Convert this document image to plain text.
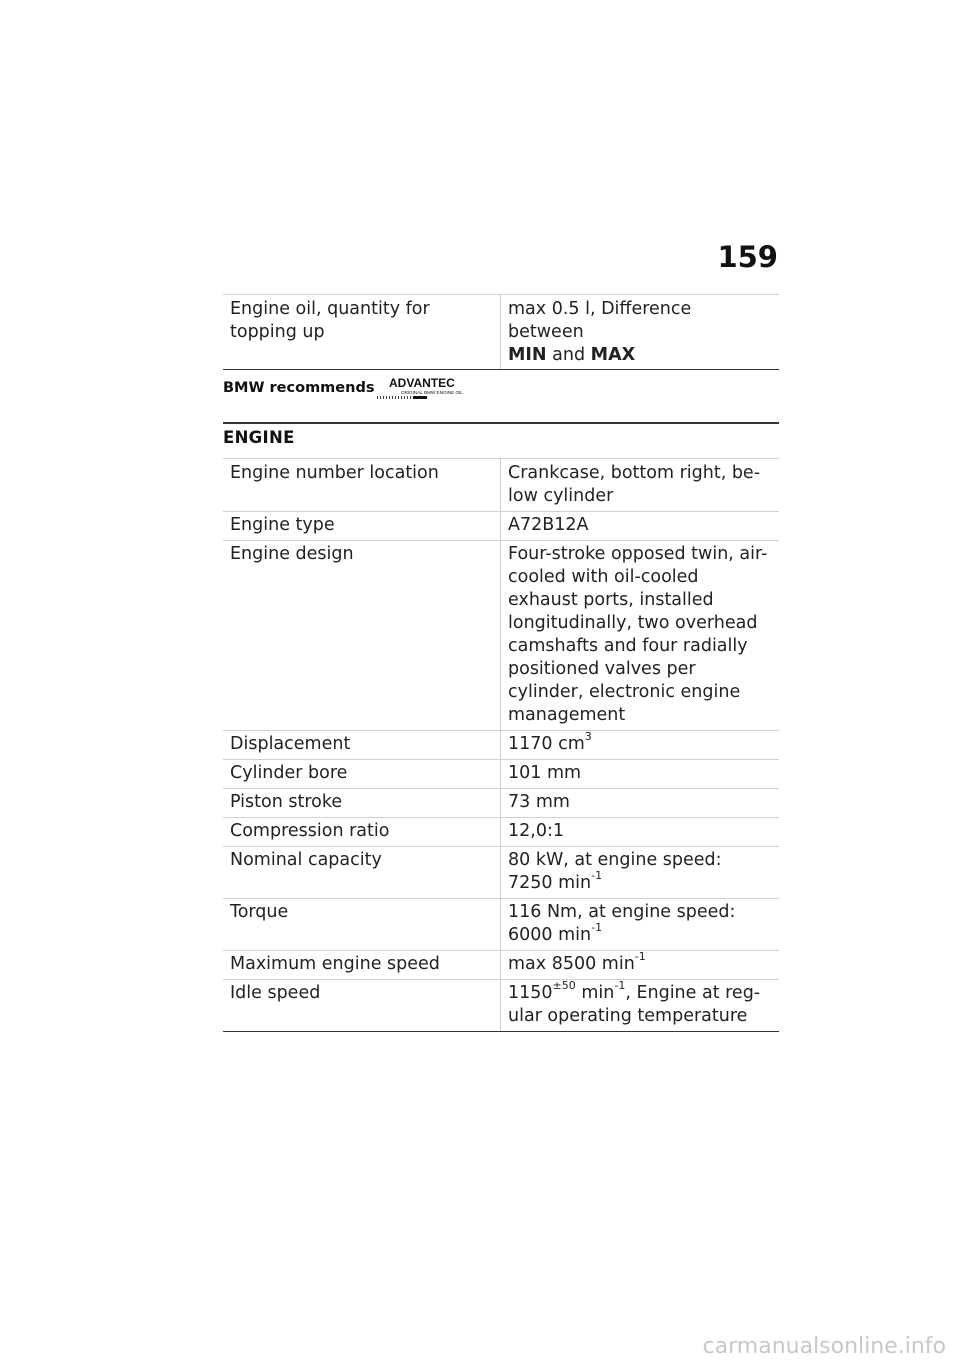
159
Engine oil, quantity for topping up	max 0.5 l, Difference between
MIN and MAX
BMW recommends ADVANTEC
ORIGINAL BMW ENGINE OIL
ENGINE
Engine number location	Crankcase, bottom right, be-low cylinder
Engine type	A72B12A
Engine design	Four-stroke opposed twin, air-cooled with oil-cooled exhaust ports, installed longitudinally, two overhead camshafts and four radially positioned valves per cylinder, electronic engine management
Displacement	1170 $cm^3$
Cylinder bore	101 mm
Piston stroke	73 mm
Compression ratio	12,0:1
Nominal capacity	80 kW, at engine speed:
7250 $\min^{-1}$
Torque	116 Nm, at engine speed:
6000 $\min^{-1}$
Maximum engine speed	max 8500 $\min^{-1}$
Idle speed	$1150^{\pm 50}$ $\min^{-1}$, Engine at reg-ular operating temperature
carmanualsonline.info
